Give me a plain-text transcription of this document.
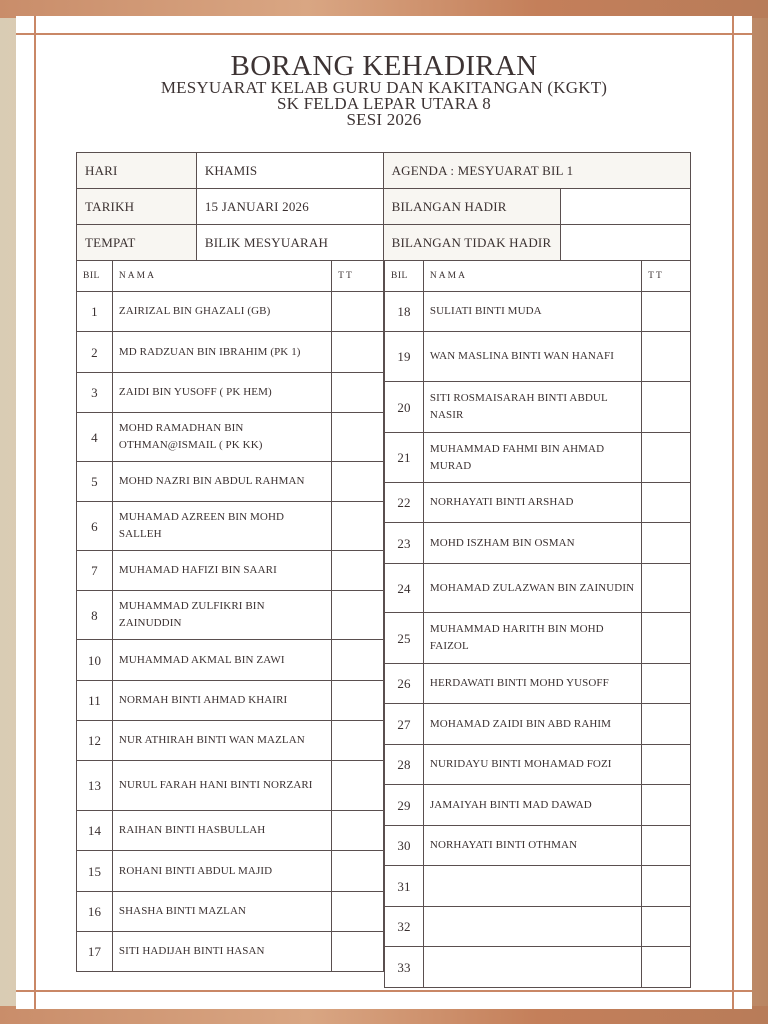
BORANG KEHADIRAN
MESYUARAT KELAB GURU DAN KAKITANGAN (KGKT)
SK FELDA LEPAR UTARA 8
SESI 2026
HARI	KHAMIS	AGENDA : MESYUARAT BIL 1	
TARIKH	15 JANUARI 2026	BILANGAN HADIR	
TEMPAT	BILIK MESYUARAH	BILANGAN TIDAK HADIR	
BIL	NAMA	TT
1	ZAIRIZAL BIN GHAZALI (GB)	
2	MD RADZUAN BIN IBRAHIM (PK 1)	
3	ZAIDI BIN YUSOFF ( PK HEM)	
4	MOHD RAMADHAN BIN OTHMAN@ISMAIL ( PK KK)	
5	MOHD NAZRI BIN ABDUL RAHMAN	
6	MUHAMAD AZREEN BIN MOHD SALLEH	
7	MUHAMAD HAFIZI BIN SAARI	
8	MUHAMMAD ZULFIKRI BIN ZAINUDDIN	
10	MUHAMMAD AKMAL BIN ZAWI	
11	NORMAH BINTI AHMAD KHAIRI	
12	NUR ATHIRAH BINTI WAN MAZLAN	
13	NURUL FARAH HANI BINTI NORZARI	
14	RAIHAN BINTI HASBULLAH	
15	ROHANI BINTI ABDUL MAJID	
16	SHASHA BINTI MAZLAN	
17	SITI HADIJAH BINTI HASAN	
BIL	NAMA	TT
18	SULIATI BINTI MUDA	
19	WAN MASLINA BINTI WAN HANAFI	
20	SITI ROSMAISARAH BINTI ABDUL NASIR	
21	MUHAMMAD FAHMI BIN AHMAD MURAD	
22	NORHAYATI BINTI ARSHAD	
23	MOHD ISZHAM BIN OSMAN	
24	MOHAMAD ZULAZWAN BIN ZAINUDIN	
25	MUHAMMAD HARITH BIN MOHD FAIZOL	
26	HERDAWATI BINTI MOHD YUSOFF	
27	MOHAMAD ZAIDI BIN ABD RAHIM	
28	NURIDAYU BINTI MOHAMAD FOZI	
29	JAMAIYAH BINTI MAD DAWAD	
30	NORHAYATI BINTI OTHMAN	
31		
32		
33		
